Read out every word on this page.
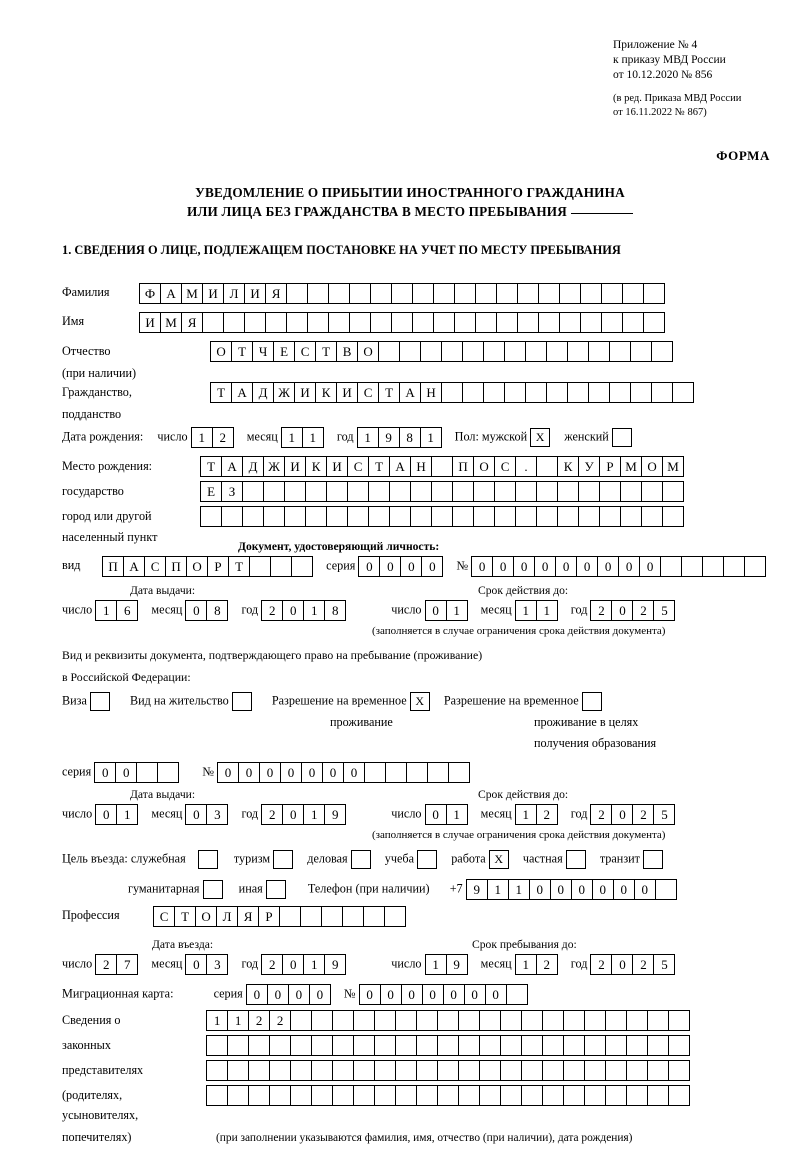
Приложение № 4
к приказу МВД России
от 10.12.2020 № 856
(в ред. Приказа МВД России
от 16.11.2022 № 867)
ФОРМА
УВЕДОМЛЕНИЕ О ПРИБЫТИИ ИНОСТРАННОГО ГРАЖДАНИНА
ИЛИ ЛИЦА БЕЗ ГРАЖДАНСТВА В МЕСТО ПРЕБЫВАНИЯ
1. СВЕДЕНИЯ О ЛИЦЕ, ПОДЛЕЖАЩЕМ ПОСТАНОВКЕ НА УЧЕТ ПО МЕСТУ ПРЕБЫВАНИЯ
Фамилия	Ф А М И Л И Я
Имя	И М Я
Отчество	О Т Ч Е С Т В О
(при наличии)
Гражданство,	Т А Д Ж И К И С Т А Н
подданство
Дата рождения: число 1	2	месяц 1	1	год 1	9	8	1	Пол: мужской X женский
Место рождения:	Т А Д Ж И К И С Т А Н	П О С	.	К У Р М О М
государство	Е	З
город или другой
населенный пункт
Документ, удостоверяющий личность:
вид	П А С П О Р	Т	серия 0	0	0	0	№ 0	0	0	0	0	0	0	0	0
Дата выдачи:	Срок действия до:
число 1	6	месяц 0	8	год 2	0	1	8	число 0	1	месяц 1	1	год 2	0	2	5
(заполняется в случае ограничения срока действия документа)
Вид и реквизиты документа, подтверждающего право на пребывание (проживание)
в Российской Федерации:
Виза	Вид на жительство	Разрешение на временное X Разрешение на временное
проживание	проживание в целях
получения образования
серия 0	0	№ 0	0	0	0	0	0	0
Дата выдачи:	Срок действия до:
число 0	1	месяц 0	3	год 2	0	1	9	число 0	1	месяц 1	2	год 2	0	2	5
(заполняется в случае ограничения срока действия документа)
Цель въезда: служебная	туризм	деловая	учеба	работа X частная	транзит
гуманитарная	иная	Телефон (при наличии) +7 9	1	1	0	0	0	0	0	0
Профессия	С Т О Л Я	Р
Дата въезда:	Срок пребывания до:
число 2	7	месяц 0	3	год 2	0	1	9	число 1	9	месяц 1	2	год 2	0	2	5
Миграционная карта:	серия 0	0	0	0	№ 0	0	0	0	0	0	0
Сведения о	1	1	2	2
законных
представителях
(родителях,
усыновителях,
попечителях)	(при заполнении указываются фамилия, имя, отчество (при наличии), дата рождения)
